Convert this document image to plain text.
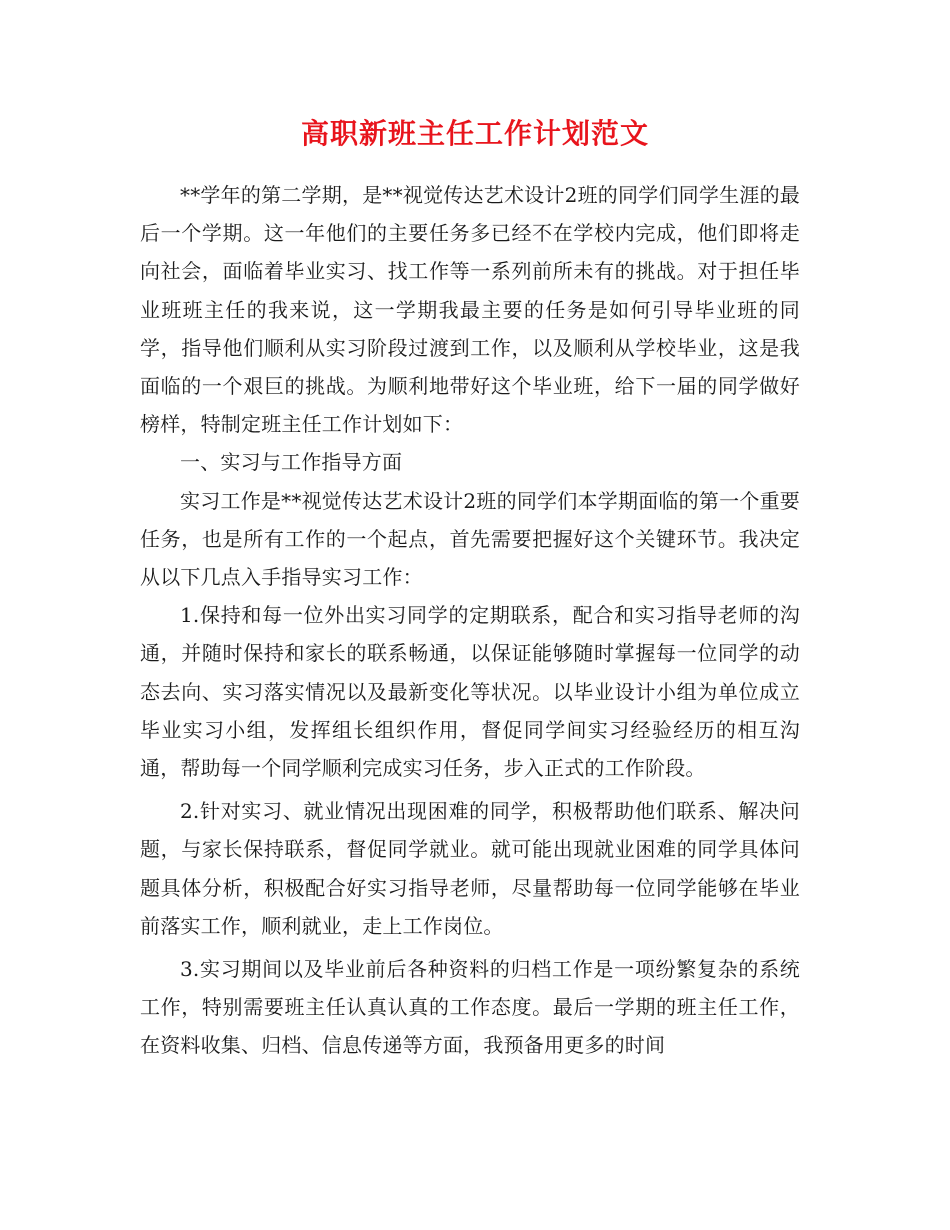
高职新班主任工作计划范文

**学年的第二学期，是**视觉传达艺术设计2班的同学们同学生涯的最后一个学期。这一年他们的主要任务多已经不在学校内完成，他们即将走向社会，面临着毕业实习、找工作等一系列前所未有的挑战。对于担任毕业班班主任的我来说，这一学期我最主要的任务是如何引导毕业班的同学，指导他们顺利从实习阶段过渡到工作，以及顺利从学校毕业，这是我面临的一个艰巨的挑战。为顺利地带好这个毕业班，给下一届的同学做好榜样，特制定班主任工作计划如下：

一、实习与工作指导方面

实习工作是**视觉传达艺术设计2班的同学们本学期面临的第一个重要任务，也是所有工作的一个起点，首先需要把握好这个关键环节。我决定从以下几点入手指导实习工作：

1.保持和每一位外出实习同学的定期联系，配合和实习指导老师的沟通，并随时保持和家长的联系畅通，以保证能够随时掌握每一位同学的动态去向、实习落实情况以及最新变化等状况。以毕业设计小组为单位成立毕业实习小组，发挥组长组织作用，督促同学间实习经验经历的相互沟通，帮助每一个同学顺利完成实习任务，步入正式的工作阶段。

2.针对实习、就业情况出现困难的同学，积极帮助他们联系、解决问题，与家长保持联系，督促同学就业。就可能出现就业困难的同学具体问题具体分析，积极配合好实习指导老师，尽量帮助每一位同学能够在毕业前落实工作，顺利就业，走上工作岗位。

3.实习期间以及毕业前后各种资料的归档工作是一项纷繁复杂的系统工作，特别需要班主任认真认真的工作态度。最后一学期的班主任工作，在资料收集、归档、信息传递等方面，我预备用更多的时间
